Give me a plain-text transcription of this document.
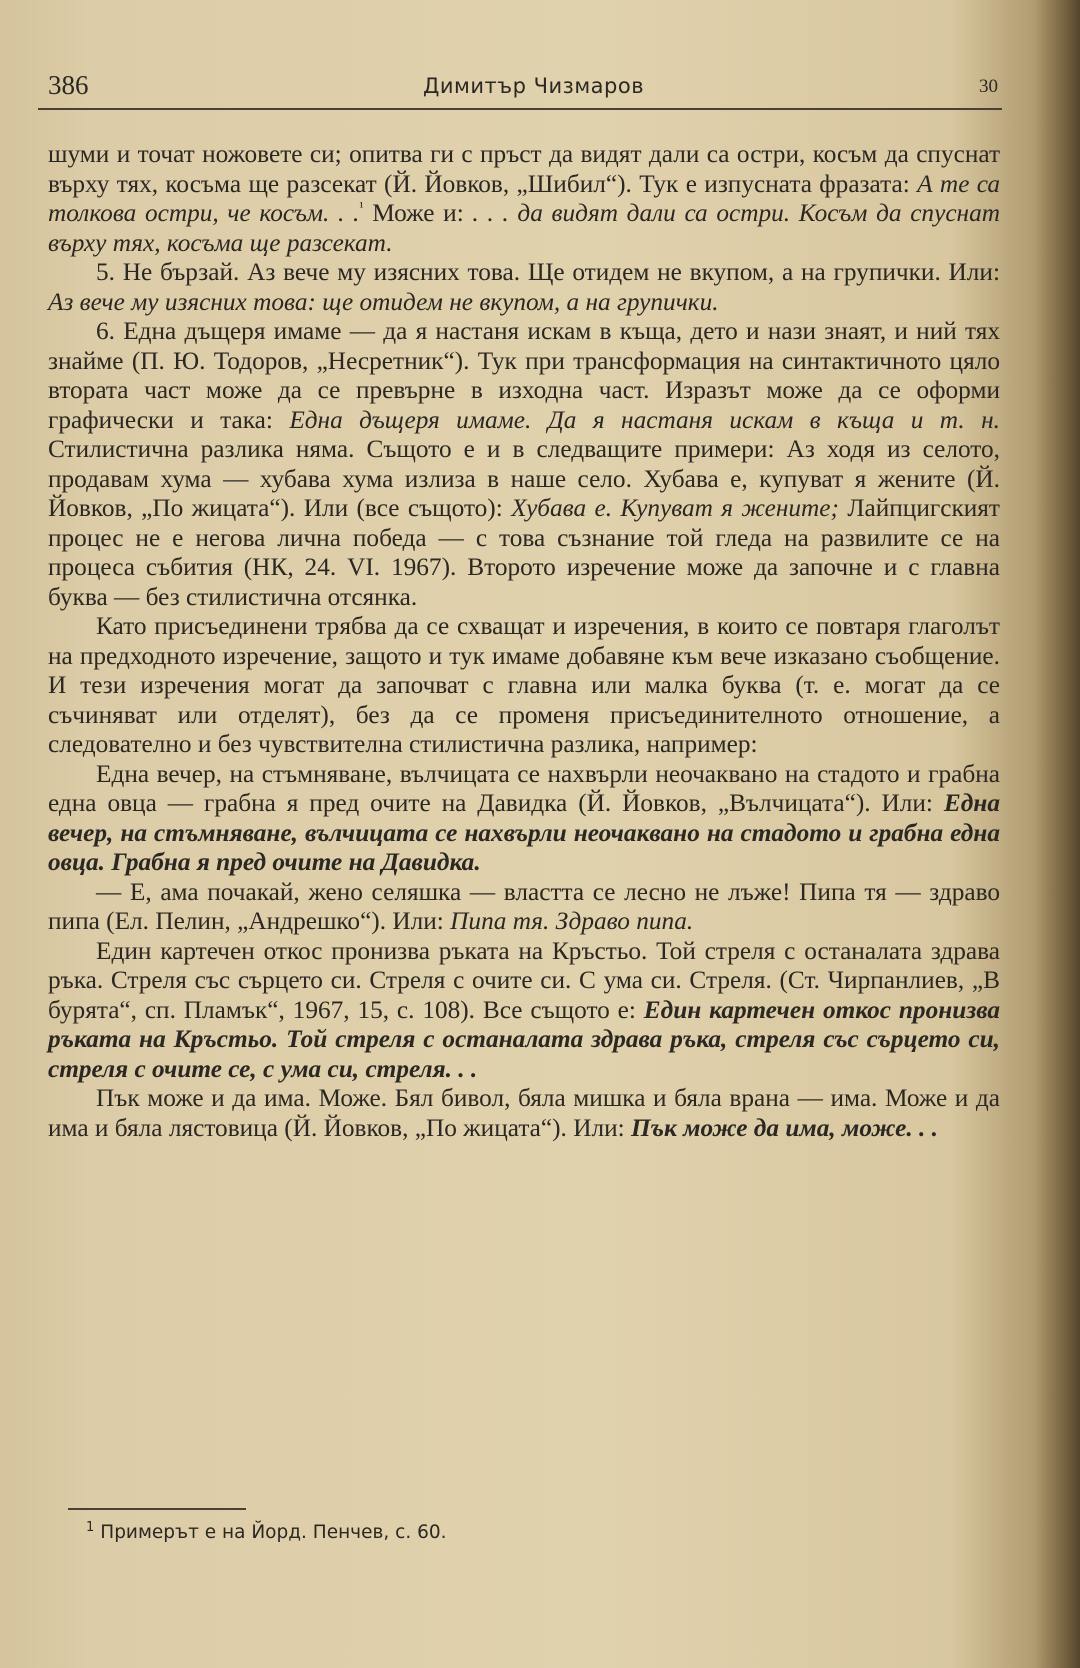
386	Димитър Чизмаров	30

шуми и точат ножовете си; опитва ги с пръст да видят дали са остри, косъм да спуснат върху тях, косъма ще разсекат (Й. Йовков, „Шибил“). Тук е изпусната фразата: А те са толкова остри, че косъм. . .$^{^1}$ Може и: . . . да видят дали са остри. Косъм да спуснат върху тях, косъма ще разсекат.

5. Не бързай. Аз вече му изясних това. Ще отидем не вкупом, а на групички. Или: Аз вече му изясних това: ще отидем не вкупом, а на групички.

6. Една дъщеря имаме — да я настаня искам в къща, дето и нази знаят, и ний тях знайме (П. Ю. Тодоров, „Несретник“). Тук при трансформация на синтактичното цяло втората част може да се превърне в изходна част. Изразът може да се оформи графически и така: Една дъщеря имаме. Да я настаня искам в къща и т. н. Стилистична разлика няма. Същото е и в следващите примери: Аз ходя из селото, продавам хума — хубава хума излиза в наше село. Хубава е, купуват я жените (Й. Йовков, „По жицата“). Или (все същото): Хубава е. Купуват я жените; Лайпцигският процес не е негова лична победа — с това съзнание той гледа на развилите се на процеса събития (НК, 24. VI. 1967). Второто изречение може да започне и с главна буква — без стилистична отсянка.

Като присъединени трябва да се схващат и изречения, в които се повтаря глаголът на предходното изречение, защото и тук имаме добавяне към вече изказано съобщение. И тези изречения могат да започват с главна или малка буква (т. е. могат да се съчиняват или отделят), без да се променя присъединителното отношение, а следователно и без чувствителна стилистична разлика, например:

Една вечер, на стъмняване, вълчицата се нахвърли неочаквано на стадото и грабна една овца — грабна я пред очите на Давидка (Й. Йовков, „Вълчицата“). Или: Една вечер, на стъмняване, вълчицата се нахвърли неочаквано на стадото и грабна една овца. Грабна я пред очите на Давидка.

— Е, ама почакай, жено селяшка — властта се лесно не лъже! Пипа тя — здраво пипа (Ел. Пелин, „Андрешко“). Или: Пипа тя. Здраво пипа.

Един картечен откос пронизва ръката на Кръстьо. Той стреля с останалата здрава ръка. Стреля със сърцето си. Стреля с очите си. С ума си. Стреля. (Ст. Чирпанлиев, „В бурята“, сп. Пламък“, 1967, 15, с. 108). Все същото е: Един картечен откос пронизва ръката на Кръстьо. Той стреля с останалата здрава ръка, стреля със сърцето си, стреля с очите се, с ума си, стреля. . .

Пък може и да има. Може. Бял бивол, бяла мишка и бяла врана — има. Може и да има и бяла лястовица (Й. Йовков, „По жицата“). Или: Пък може да има, може. . .

$^1$ Примерът е на Йорд. Пенчев, с. 60.
